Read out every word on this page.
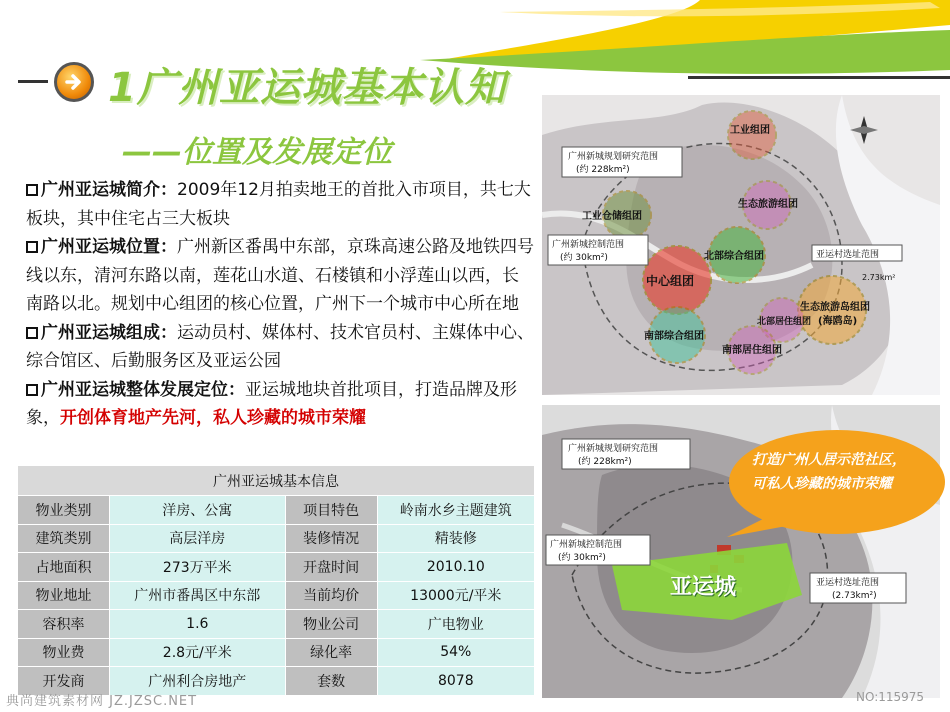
1广州亚运城基本认知
——位置及发展定位
广州亚运城简介：2009年12月拍卖地王的首批入市项目，共七大板块，其中住宅占三大板块
广州亚运城位置：广州新区番禺中东部，京珠高速公路及地铁四号线以东，清河东路以南，莲花山水道、石楼镇和小浮莲山以西，长南路以北。规划中心组团的核心位置，广州下一个城市中心所在地
广州亚运城组成：运动员村、媒体村、技术官员村、主媒体中心、综合馆区、后勤服务区及亚运公园
广州亚运城整体发展定位：亚运城地块首批项目，打造品牌及形象，开创体育地产先河，私人珍藏的城市荣耀
广州亚运城基本信息			
物业类别	洋房、公寓	项目特色	岭南水乡主题建筑
建筑类别	高层洋房	装修情况	精装修
占地面积	273万平米	开盘时间	2010.10
物业地址	广州市番禺区中东部	当前均价	13000元/平米
容积率	1.6	物业公司	广电物业
物业费	2.8元/平米	绿化率	54%
开发商	广州利合房地产	套数	8078
广州新城规划研究范围
(约 228km²)
广州新城控制范围
(约 30km²)	亚运村选址范围
2.73km²
工业组团
工业仓储组团
生态旅游组团
北部综合组团
中心组团
生态旅游岛组团
(海鸥岛)
北部居住组团
南部综合组团
南部居住组团
广州新城规划研究范围
(约 228km²)
广州新城控制范围
(约 30km²)
亚运村选址范围
(2.73km²)
亚运城
打造广州人居示范社区，可私人珍藏的城市荣耀
典尚建筑素材网 JZ.JZSC.NET	NO:115975
